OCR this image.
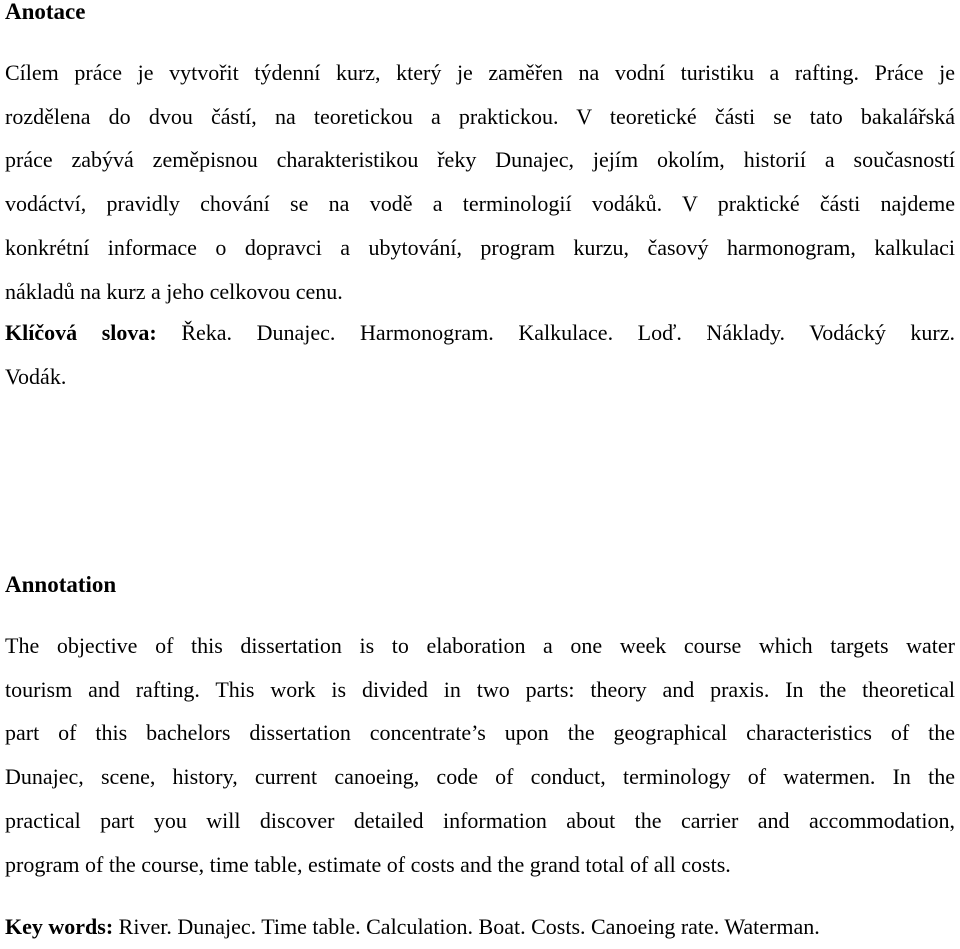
Anotace
Cílem práce je vytvořit týdenní kurz, který je zaměřen na vodní turistiku a rafting. Práce je
rozdělena do dvou částí, na teoretickou a praktickou. V teoretické části se tato bakalářská
práce zabývá zeměpisnou charakteristikou řeky Dunajec, jejím okolím, historií a současností
vodáctví, pravidly chování se na vodě a terminologií vodáků. V praktické části najdeme
konkrétní informace o dopravci a ubytování, program kurzu, časový harmonogram, kalkulaci
nákladů na kurz a jeho celkovou cenu.
Klíčová slova: Řeka. Dunajec. Harmonogram. Kalkulace. Loď. Náklady. Vodácký kurz.
Vodák.
Annotation
The objective of this dissertation is to elaboration a one week course which targets water
tourism and rafting. This work is divided in two parts: theory and praxis. In the theoretical
part of this bachelors dissertation concentrate’s upon the geographical characteristics of the
Dunajec, scene, history, current canoeing, code of conduct, terminology of watermen. In the
practical part you will discover detailed information about the carrier and accommodation,
program of the course, time table, estimate of costs and the grand total of all costs.
Key words: River. Dunajec. Time table. Calculation. Boat. Costs. Canoeing rate. Waterman.
